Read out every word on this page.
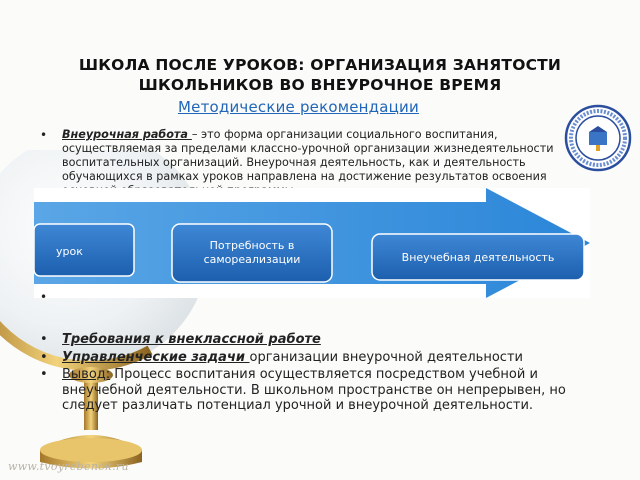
www.tvoyrebenok.ru
ШКОЛА ПОСЛЕ УРОКОВ: ОРГАНИЗАЦИЯ ЗАНЯТОСТИ
ШКОЛЬНИКОВ ВО ВНЕУРОЧНОЕ ВРЕМЯ
Методические рекомендации
• Внеурочная работа – это форма организации социального воспитания, осуществляемая за пределами классно-урочной организации жизнедеятельности воспитательных организаций. Внеурочная деятельность, как и деятельность обучающихся в рамках уроков направлена на достижение результатов освоения
урок	Потребность в
самореализации	Внеучебная деятельность
•
• Требования к внеклассной работе
• Управленческие задачи организации внеурочной деятельности
• Вывод: Процесс воспитания осуществляется посредством учебной и внеучебной деятельности. В школьном пространстве он непрерывен, но следует различать потенциал урочной и внеурочной деятельности.
